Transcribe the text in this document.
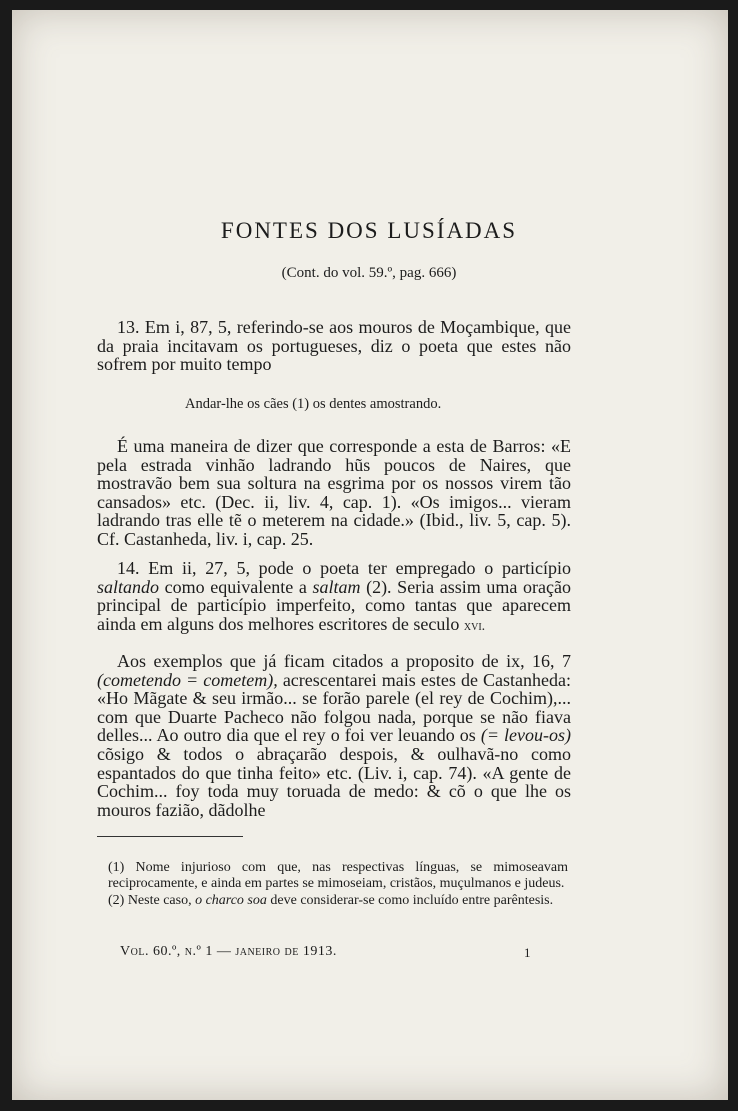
FONTES DOS LUSÍADAS
(Cont. do vol. 59.º, pag. 666)

13. Em i, 87, 5, referindo-se aos mouros de Moçambique, que da praia incitavam os portugueses, diz o poeta que estes não sofrem por muito tempo

Andar-lhe os cães (1) os dentes amostrando.

É uma maneira de dizer que corresponde a esta de Barros: «E pela estrada vinhão ladrando hũs poucos de Naires, que mostravão bem sua soltura na esgrima por os nossos virem tão cansados» etc. (Dec. ii, liv. 4, cap. 1). «Os imigos... vieram ladrando tras elle tẽ o meterem na cidade.» (Ibid., liv. 5, cap. 5). Cf. Castanheda, liv. i, cap. 25.

14. Em ii, 27, 5, pode o poeta ter empregado o particípio saltando como equivalente a saltam (2). Seria assim uma oração principal de particípio imperfeito, como tantas que aparecem ainda em alguns dos melhores escritores de seculo xvi.

Aos exemplos que já ficam citados a proposito de ix, 16, 7 (cometendo = cometem), acrescentarei mais estes de Castanheda: «Ho Mãgate & seu irmão... se forão parele (el rey de Cochim),... com que Duarte Pacheco não folgou nada, porque se não fiava delles... Ao outro dia que el rey o foi ver leuando os (= levou-os) cõsigo & todos o abraçarão despois, & oulhavã-no como espantados do que tinha feito» etc. (Liv. i, cap. 74). «A gente de Cochim... foy toda muy toruada de medo: & cõ o que lhe os mouros fazião, dãdolhe

(1) Nome injurioso com que, nas respectivas línguas, se mimoseavam reciprocamente, e ainda em partes se mimoseiam, cristãos, muçulmanos e judeus.

(2) Neste caso, o charco soa deve considerar-se como incluído entre parêntesis.

Vol. 60.º, n.º 1 — janeiro de 1913.	1
